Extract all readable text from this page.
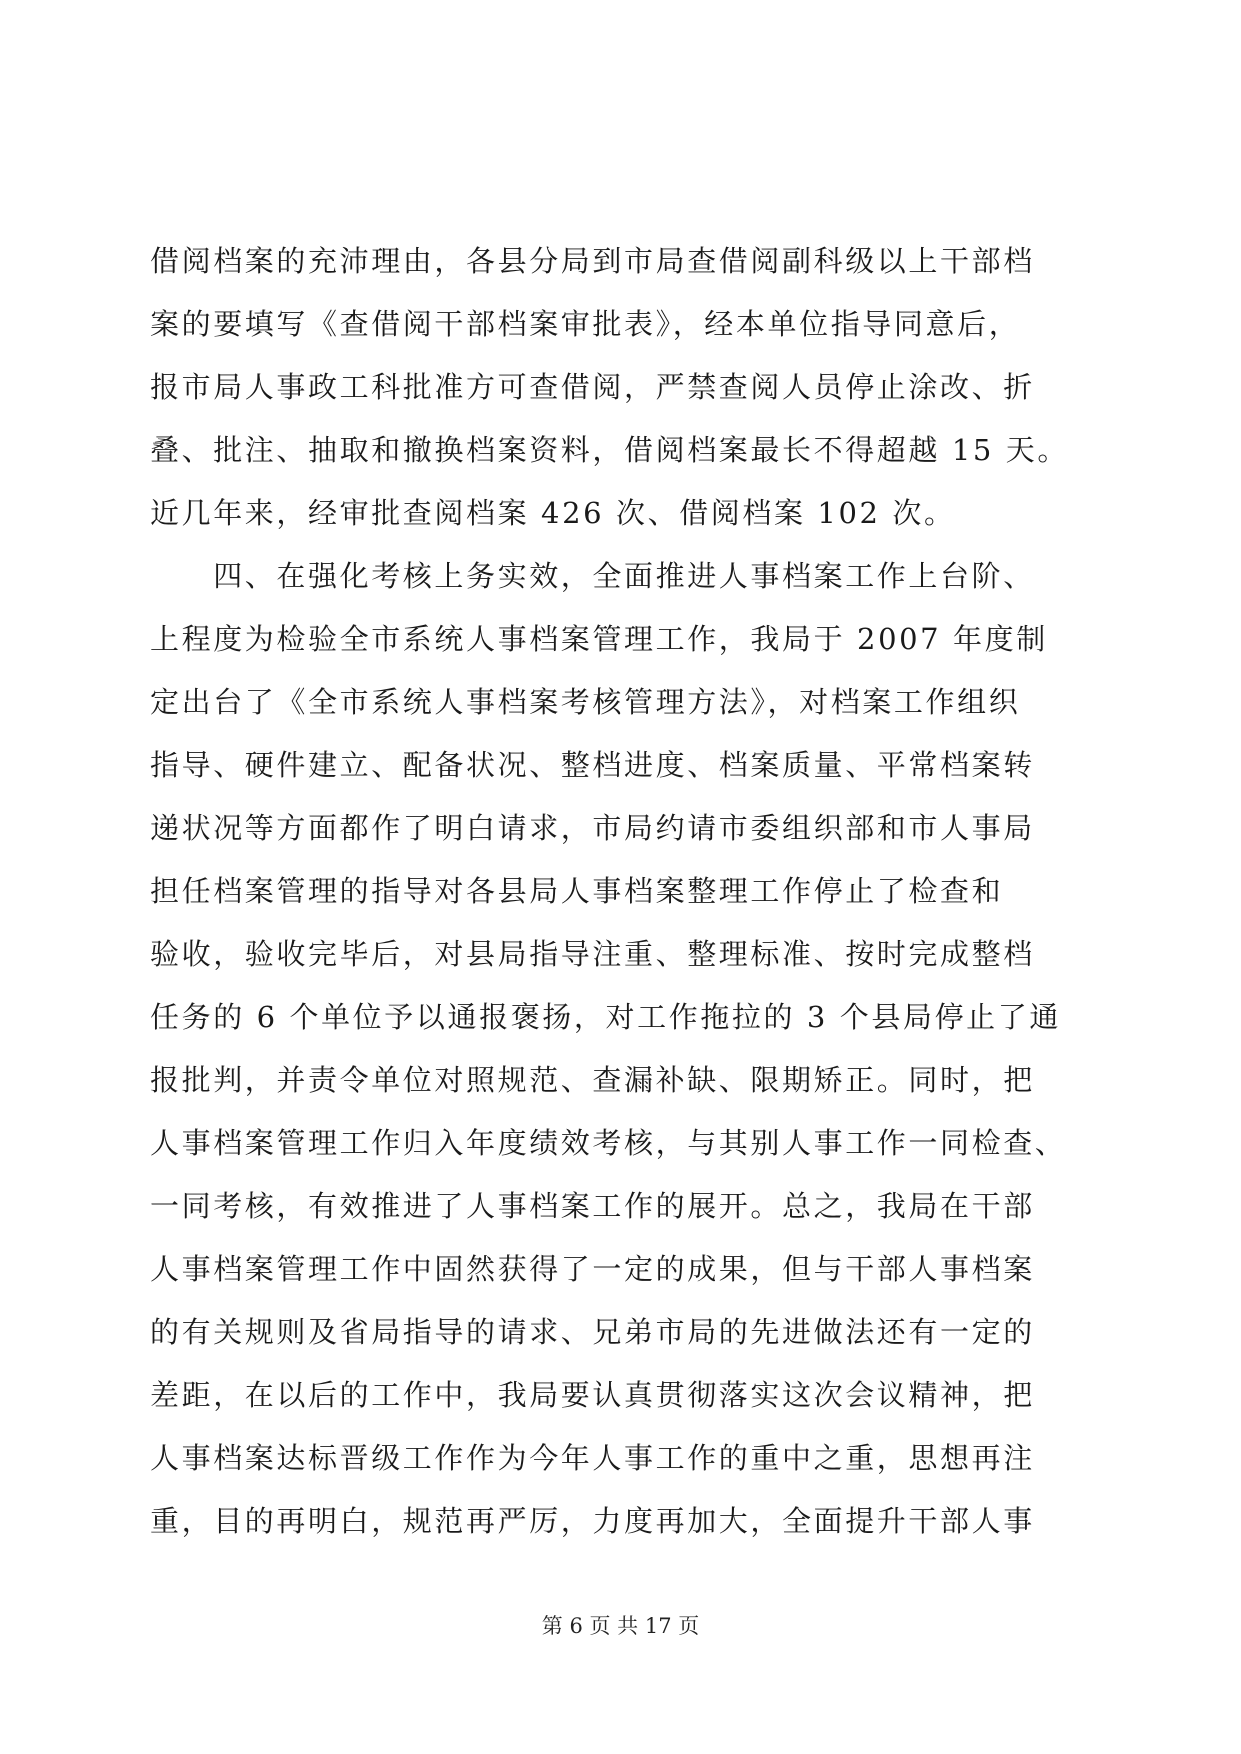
借阅档案的充沛理由，各县分局到市局查借阅副科级以上干部档
案的要填写《查借阅干部档案审批表》，经本单位指导同意后，
报市局人事政工科批准方可查借阅，严禁查阅人员停止涂改、折
叠、批注、抽取和撤换档案资料，借阅档案最长不得超越 15 天。
近几年来，经审批查阅档案 426 次、借阅档案 102 次。
　　四、在强化考核上务实效，全面推进人事档案工作上台阶、
上程度为检验全市系统人事档案管理工作，我局于 2007 年度制
定出台了《全市系统人事档案考核管理方法》，对档案工作组织
指导、硬件建立、配备状况、整档进度、档案质量、平常档案转
递状况等方面都作了明白请求，市局约请市委组织部和市人事局
担任档案管理的指导对各县局人事档案整理工作停止了检查和
验收，验收完毕后，对县局指导注重、整理标准、按时完成整档
任务的 6 个单位予以通报褒扬，对工作拖拉的 3 个县局停止了通
报批判，并责令单位对照规范、查漏补缺、限期矫正。同时，把
人事档案管理工作归入年度绩效考核，与其别人事工作一同检查、
一同考核，有效推进了人事档案工作的展开。总之，我局在干部
人事档案管理工作中固然获得了一定的成果，但与干部人事档案
的有关规则及省局指导的请求、兄弟市局的先进做法还有一定的
差距，在以后的工作中，我局要认真贯彻落实这次会议精神，把
人事档案达标晋级工作作为今年人事工作的重中之重，思想再注
重，目的再明白，规范再严厉，力度再加大，全面提升干部人事
第 6 页 共 17 页
